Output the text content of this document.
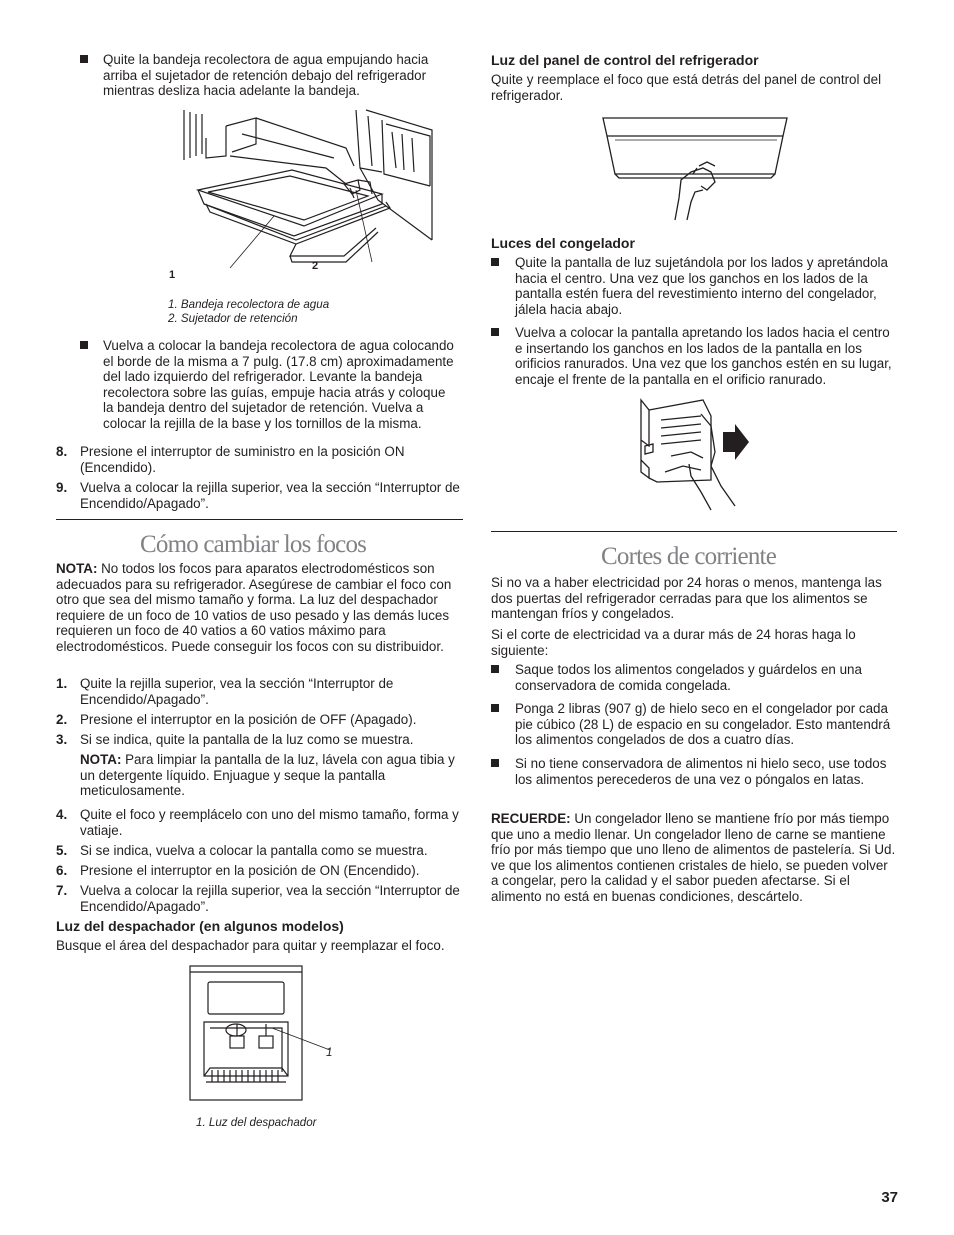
Quite la bandeja recolectora de agua empujando hacia arriba el sujetador de retención debajo del refrigerador mientras desliza hacia adelante la bandeja.
1
2

1. Bandeja recolectora de agua

2. Sujetador de retención

Vuelva a colocar la bandeja recolectora de agua colocando el borde de la misma a 7 pulg. (17.8 cm) aproximadamente del lado izquierdo del refrigerador. Levante la bandeja recolectora sobre las guías, empuje hacia atrás y coloque la bandeja dentro del sujetador de retención. Vuelva a colocar la rejilla de la base y los tornillos de la misma.
8. Presione el interruptor de suministro en la posición ON (Encendido).
9. Vuelva a colocar la rejilla superior, vea la sección “Interruptor de Encendido/Apagado”.

Cómo cambiar los focos

NOTA: No todos los focos para aparatos electrodomésticos son adecuados para su refrigerador. Asegúrese de cambiar el foco con otro que sea del mismo tamaño y forma. La luz del despachador requiere de un foco de 10 vatios de uso pesado y las demás luces requieren un foco de 40 vatios a 60 vatios máximo para electrodomésticos. Puede conseguir los focos con su distribuidor.

1. Quite la rejilla superior, vea la sección “Interruptor de Encendido/Apagado”.
2. Presione el interruptor en la posición de OFF (Apagado).
3. Si se indica, quite la pantalla de la luz como se muestra.
4. Quite el foco y reemplácelo con uno del mismo tamaño, forma y vatiaje.
5. Si se indica, vuelva a colocar la pantalla como se muestra.
6. Presione el interruptor en la posición de ON (Encendido).
7. Vuelva a colocar la rejilla superior, vea la sección “Interruptor de Encendido/Apagado”.

NOTA: Para limpiar la pantalla de la luz, lávela con agua tibia y un detergente líquido. Enjuague y seque la pantalla meticulosamente.

Luz del despachador (en algunos modelos)

Busque el área del despachador para quitar y reemplazar el foco.

1

1. Luz del despachador

Luz del panel de control del refrigerador

Quite y reemplace el foco que está detrás del panel de control del refrigerador.

Luces del congelador

Quite la pantalla de luz sujetándola por los lados y apretándola hacia el centro. Una vez que los ganchos en los lados de la pantalla estén fuera del revestimiento interno del congelador, jálela hacia abajo.
Vuelva a colocar la pantalla apretando los lados hacia el centro e insertando los ganchos en los lados de la pantalla en los orificios ranurados. Una vez que los ganchos estén en su lugar, encaje el frente de la pantalla en el orificio ranurado.

Cortes de corriente

Si no va a haber electricidad por 24 horas o menos, mantenga las dos puertas del refrigerador cerradas para que los alimentos se mantengan fríos y congelados.

Si el corte de electricidad va a durar más de 24 horas haga lo siguiente:

Saque todos los alimentos congelados y guárdelos en una conservadora de comida congelada.
Ponga 2 libras (907 g) de hielo seco en el congelador por cada pie cúbico (28 L) de espacio en su congelador. Esto mantendrá los alimentos congelados de dos a cuatro días.
Si no tiene conservadora de alimentos ni hielo seco, use todos los alimentos perecederos de una vez o póngalos en latas.

RECUERDE: Un congelador lleno se mantiene frío por más tiempo que uno a medio llenar. Un congelador lleno de carne se mantiene frío por más tiempo que uno lleno de alimentos de pastelería. Si Ud. ve que los alimentos contienen cristales de hielo, se pueden volver a congelar, pero la calidad y el sabor pueden afectarse. Si el alimento no está en buenas condiciones, descártelo.

37
